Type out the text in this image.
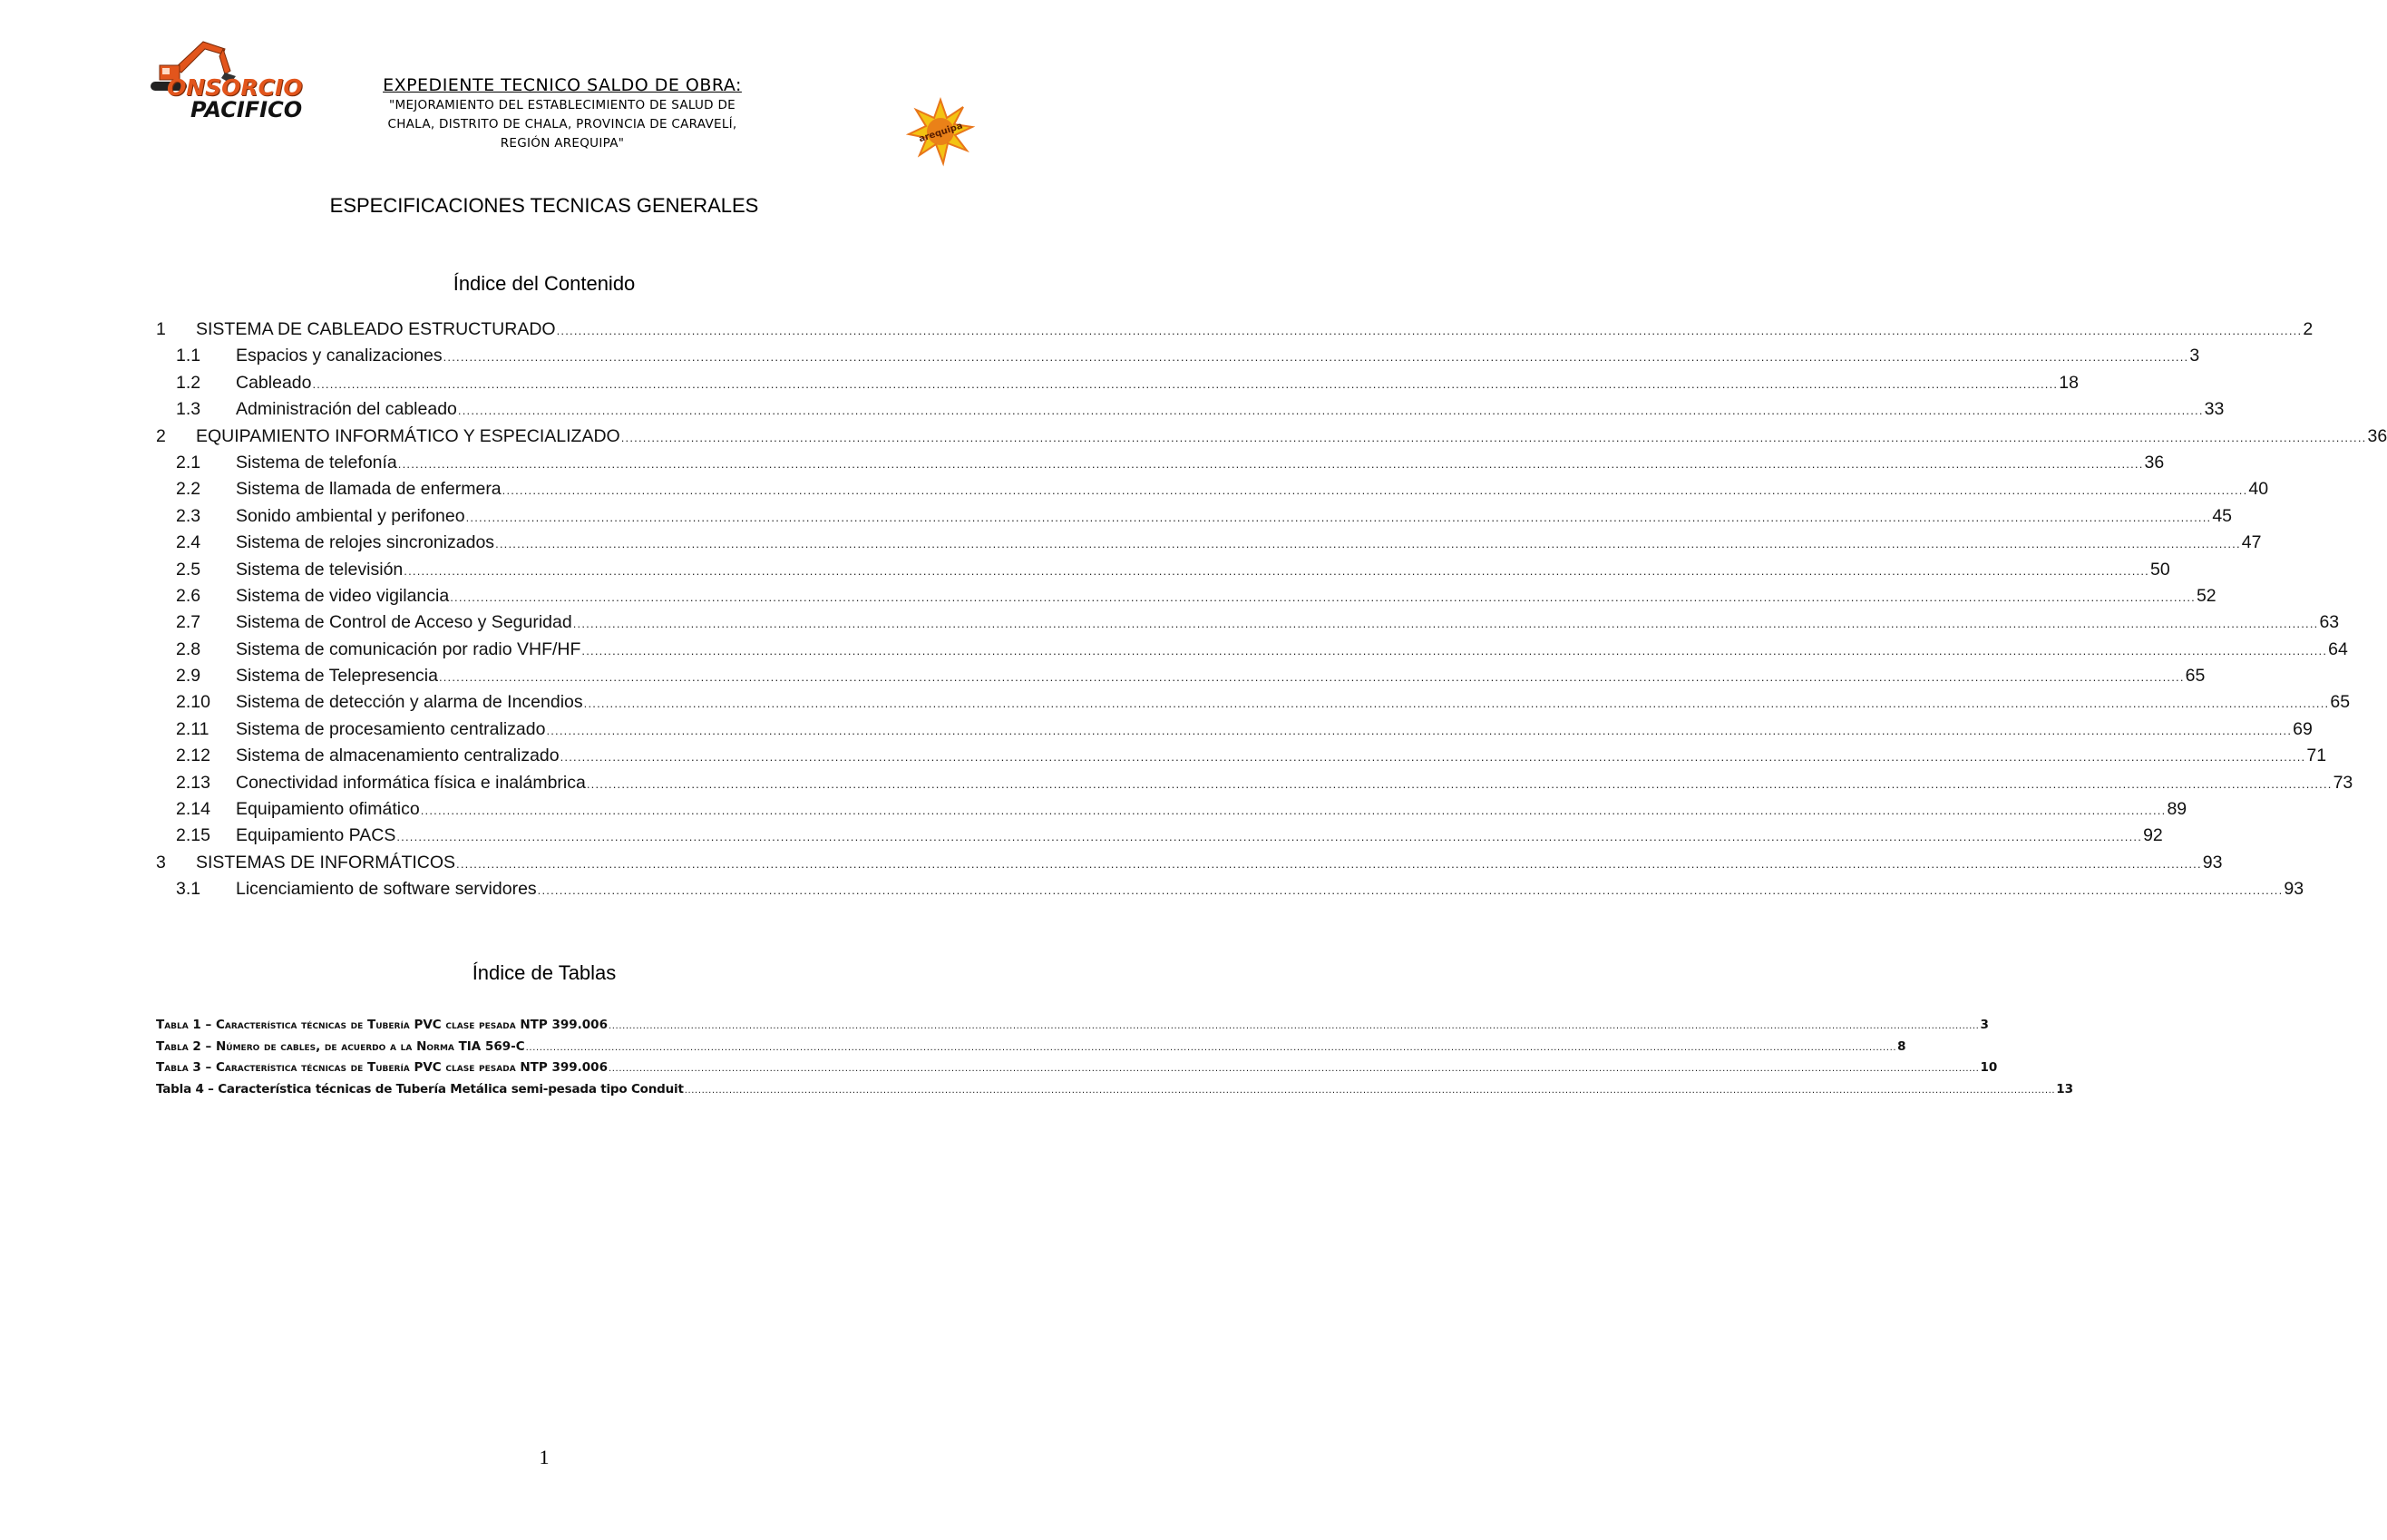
ONSORCIO
PACIFICO
EXPEDIENTE TECNICO SALDO DE OBRA:
"MEJORAMIENTO DEL ESTABLECIMIENTO DE SALUD DE
CHALA, DISTRITO DE CHALA, PROVINCIA DE CARAVELÍ,
REGIÓN AREQUIPA"	arequipa
ESPECIFICACIONES TECNICAS GENERALES
Índice del Contenido
1	SISTEMA DE CABLEADO ESTRUCTURADO ................................................................................................................................................................................................................................................................................................................................................................................................................ 2
1.1	Espacios y canalizaciones ................................................................................................................................................................................................................................................................................................................................................................................................................ 3
1.2	Cableado ................................................................................................................................................................................................................................................................................................................................................................................................................ 18
1.3	Administración del cableado ................................................................................................................................................................................................................................................................................................................................................................................................................ 33
2	EQUIPAMIENTO INFORMÁTICO Y ESPECIALIZADO ................................................................................................................................................................................................................................................................................................................................................................................................................ 36
2.1	Sistema de telefonía ................................................................................................................................................................................................................................................................................................................................................................................................................ 36
2.2	Sistema de llamada de enfermera ................................................................................................................................................................................................................................................................................................................................................................................................................ 40
2.3	Sonido ambiental y perifoneo ................................................................................................................................................................................................................................................................................................................................................................................................................ 45
2.4	Sistema de relojes sincronizados ................................................................................................................................................................................................................................................................................................................................................................................................................ 47
2.5	Sistema de televisión ................................................................................................................................................................................................................................................................................................................................................................................................................ 50
2.6	Sistema de video vigilancia ................................................................................................................................................................................................................................................................................................................................................................................................................ 52
2.7	Sistema de Control de Acceso y Seguridad ................................................................................................................................................................................................................................................................................................................................................................................................................ 63
2.8	Sistema de comunicación por radio VHF/HF ................................................................................................................................................................................................................................................................................................................................................................................................................ 64
2.9	Sistema de Telepresencia ................................................................................................................................................................................................................................................................................................................................................................................................................ 65
2.10	Sistema de detección y alarma de Incendios ................................................................................................................................................................................................................................................................................................................................................................................................................ 65
2.11	Sistema de procesamiento centralizado ................................................................................................................................................................................................................................................................................................................................................................................................................ 69
2.12	Sistema de almacenamiento centralizado ................................................................................................................................................................................................................................................................................................................................................................................................................ 71
2.13	Conectividad informática física e inalámbrica ................................................................................................................................................................................................................................................................................................................................................................................................................ 73
2.14	Equipamiento ofimático ................................................................................................................................................................................................................................................................................................................................................................................................................ 89
2.15	Equipamiento PACS ................................................................................................................................................................................................................................................................................................................................................................................................................ 92
3	SISTEMAS DE INFORMÁTICOS ................................................................................................................................................................................................................................................................................................................................................................................................................ 93
3.1	Licenciamiento de software servidores ................................................................................................................................................................................................................................................................................................................................................................................................................ 93
Índice de Tablas
Tabla 1 – Característica técnicas de Tubería PVC clase pesada NTP 399.006 ................................................................................................................................................................................................................................................................................................................................................................................................................ 3
Tabla 2 – Número de cables, de acuerdo a la Norma TIA 569-C ................................................................................................................................................................................................................................................................................................................................................................................................................ 8
Tabla 3 – Característica técnicas de Tubería PVC clase pesada NTP 399.006 ................................................................................................................................................................................................................................................................................................................................................................................................................ 10
Tabla 4 – Característica técnicas de Tubería Metálica semi-pesada tipo Conduit ................................................................................................................................................................................................................................................................................................................................................................................................................ 13
1
